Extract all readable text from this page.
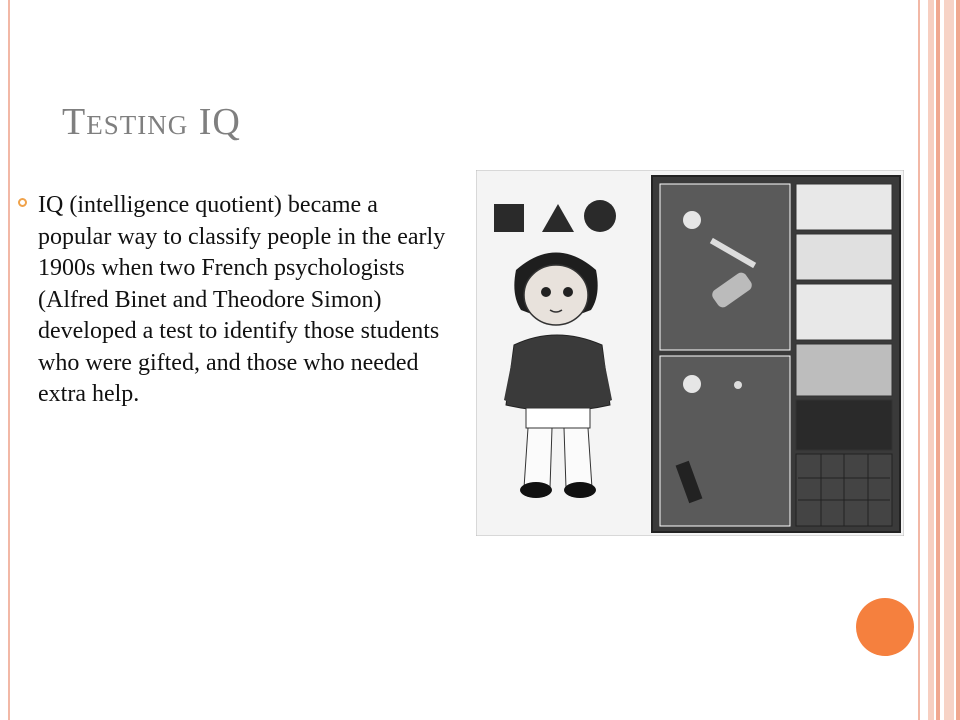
Testing IQ
IQ (intelligence quotient) became a popular way to classify people in the early 1900s when two French psychologists (Alfred Binet and Theodore Simon) developed a test to identify those students who were gifted, and those who needed extra help.
